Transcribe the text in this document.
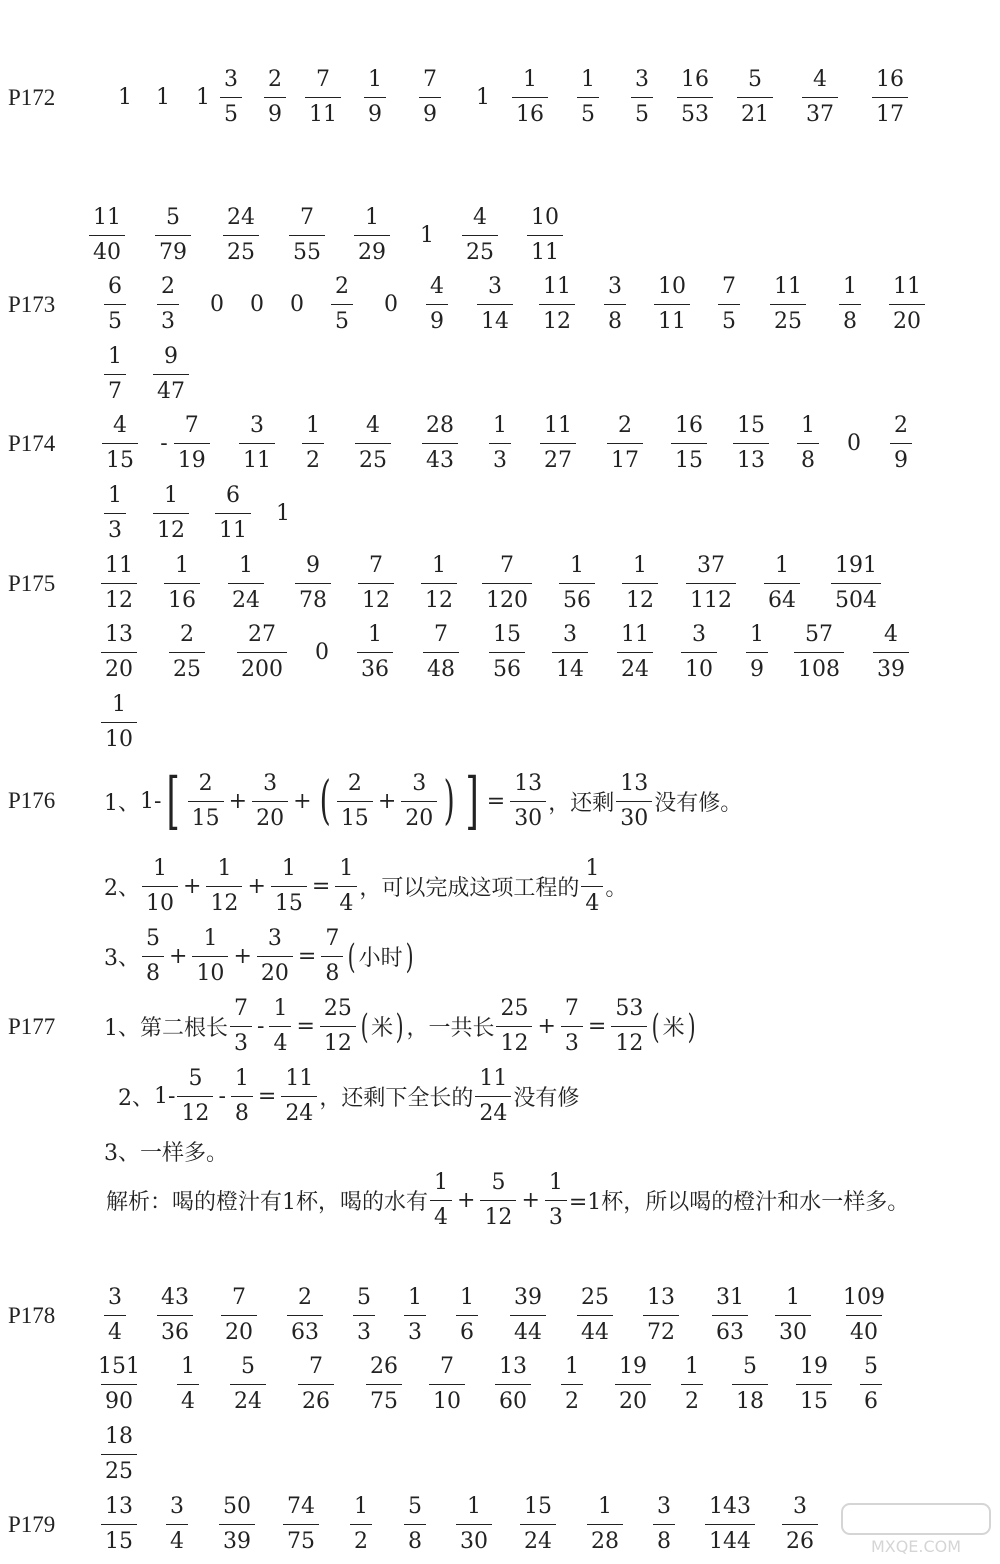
P172	1 1 $1 \frac{3}{5} \frac{2}{9} \frac{7}{11} \frac{1}{9} \frac{7}{9} 1 \frac{1}{16} \frac{1}{5} \frac{3}{5} \frac{16}{53} \frac{5}{21} \frac{4}{37} \frac{16}{17}$
$\frac{11}{40} \frac{5}{79} \frac{24}{25} \frac{7}{55} \frac{1}{29} 1 \frac{4}{25} \frac{10}{11}$
$P173 \frac{6}{5} \frac{2}{3} 0$ 0 $0 \frac{2}{5} 0 \frac{4}{9} \frac{3}{14} \frac{11}{12} \frac{3}{8} \frac{10}{11} \frac{7}{5} \frac{11}{25} \frac{1}{8} \frac{11}{20}$
$\frac{1}{7} \frac{9}{47}$
$P174 \frac{4}{15} - \frac{7}{19} \frac{3}{11} \frac{1}{2} \frac{4}{25} \frac{28}{43} \frac{1}{3} \frac{11}{27} \frac{2}{17} \frac{16}{15} \frac{15}{13} \frac{1}{8} 0 \frac{2}{9}$
$\frac{1}{3} \frac{1}{12} \frac{6}{11} 1$
$P175 \frac{11}{12} \frac{1}{16} \frac{1}{24} \frac{9}{78} \frac{7}{12} \frac{1}{12} \frac{7}{120} \frac{1}{56} \frac{1}{12} \frac{37}{112} \frac{1}{64} \frac{191}{504}$
$\frac{13}{20} \frac{2}{25} \frac{27}{200} 0 \frac{1}{36} \frac{7}{48} \frac{15}{56} \frac{3}{14} \frac{11}{24} \frac{3}{10} \frac{1}{9} \frac{57}{108} \frac{4}{39}$
$\frac{1}{10}$
$P178 \frac{3}{4} \frac{43}{36} \frac{7}{20} \frac{2}{63} \frac{5}{3} \frac{1}{3} \frac{1}{6} \frac{39}{44} \frac{25}{44} \frac{13}{72} \frac{31}{63} \frac{1}{30} \frac{109}{40}$
$\frac{151}{90} \frac{1}{4} \frac{5}{24} \frac{7}{26} \frac{26}{75} \frac{7}{10} \frac{13}{60} \frac{1}{2} \frac{19}{20} \frac{1}{2} \frac{5}{18} \frac{19}{15} \frac{5}{6}$
$\frac{18}{25}$
$P179 \frac{13}{15} \frac{3}{4} \frac{50}{39} \frac{74}{75} \frac{1}{2} \frac{5}{8} \frac{1}{30} \frac{15}{24} \frac{1}{28} \frac{3}{8} \frac{143}{144} \frac{3}{26}$
P176 1、 1- [ $\frac{2}{15} + \frac{3}{20}$ + ( $\frac{2}{15} + \frac{3}{20}$ ) ] = $\frac{13}{30}$ ，还剩 $\frac{13}{30}$ 没有修。
2、 $\frac{1}{10} + \frac{1}{12} + \frac{1}{15} = \frac{1}{4}$ ，可以完成这项工程的 $\frac{1}{4}$ 。
3、 $\frac{5}{8} + \frac{1}{10} + \frac{3}{20} = \frac{7}{8}$ ( 小时 )
P177 1、 第二根长 $\frac{7}{3} - \frac{1}{4} = \frac{25}{12}$ ( 米 ) ， 一共长 $\frac{25}{12} + \frac{7}{3} = \frac{53}{12}$ ( 米 )
2、 $1- \frac{5}{12} - \frac{1}{8} = \frac{11}{24}$ ，还剩下全长的 $\frac{11}{24}$ 没有修
3、一样多。
解析：喝的橙汁有1杯，喝的水有 $\frac{1}{4} + \frac{5}{12} + \frac{1}{3} =1$杯，所以喝的橙汁和水一样多。
MXQE.COM
